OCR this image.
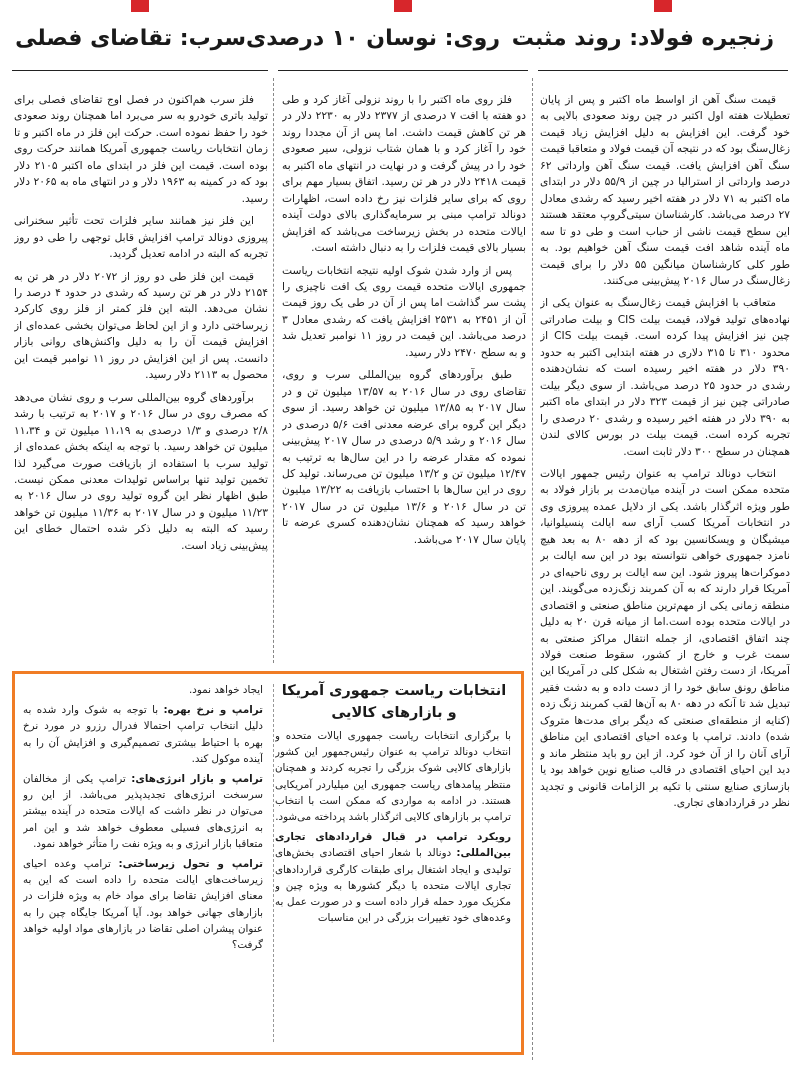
زنجیره فولاد: روند مثبت
روی: نوسان ۱۰ درصدی
سرب: تقاضای فصلی

قیمت سنگ آهن از اواسط ماه اکتبر و پس از پایان تعطیلات هفته اول اکتبر در چین روند صعودی بالایی به خود گرفت. این افزایش به دلیل افزایش زیاد قیمت زغال‌سنگ بود که در نتیجه آن قیمت فولاد و متعاقبا قیمت سنگ آهن افزایش یافت. قیمت سنگ آهن وارداتی ۶۲ درصد وارداتی از استرالیا در چین از ۵۵/۹ دلار در ابتدای ماه اکتبر به ۷۱ دلار در هفته اخیر رسید که رشدی معادل ۲۷ درصد می‌باشد. کارشناسان سیتی‌گروپ معتقد هستند این سطح قیمت ناشی از حباب است و طی دو تا سه ماه آینده شاهد افت قیمت سنگ آهن خواهیم بود. به طور کلی کارشناسان میانگین ۵۵ دلار را برای قیمت زغال‌سنگ در سال ۲۰۱۶ پیش‌بینی می‌کنند.

متعاقب با افزایش قیمت زغال‌سنگ به عنوان یکی از نهاده‌های تولید فولاد، قیمت بیلت CIS و بیلت صادراتی چین نیز افزایش پیدا کرده است. قیمت بیلت CIS از محدود ۳۱۰ تا ۳۱۵ دلاری در هفته ابتدایی اکتبر به حدود ۳۹۰ دلار در هفته اخیر رسیده است که نشان‌دهنده رشدی در حدود ۲۵ درصد می‌باشد. از سوی دیگر بیلت صادراتی چین نیز از قیمت ۳۲۳ دلار در ابتدای ماه اکتبر به ۳۹۰ دلار در هفته اخیر رسیده و رشدی ۲۰ درصدی را تجربه کرده است. قیمت بیلت در بورس کالای لندن همچنان در سطح ۳۰۰ دلار ثابت است.

انتخاب دونالد ترامپ به عنوان رئیس جمهور ایالات متحده ممکن است در آینده میان‌مدت بر بازار فولاد به طور ویژه اثرگذار باشد. یکی از دلایل عمده پیروزی وی در انتخابات آمریکا کسب آرای سه ایالت پنسیلوانیا، میشیگان و ویسکانسین بود که از دهه ۸۰ به بعد هیچ نامزد جمهوری خواهی نتوانسته بود در این سه ایالت بر دموکرات‌ها پیروز شود. این سه ایالت بر روی ناحیه‌ای در آمریکا قرار دارند که به آن کمربند زنگ‌زده می‌گویند. این منطقه زمانی یکی از مهم‌ترین مناطق صنعتی و اقتصادی در ایالات متحده بوده است.اما از میانه قرن ۲۰ به دلیل چند اتفاق اقتصادی، از جمله انتقال مراکز صنعتی به سمت غرب و خارج از کشور، سقوط صنعت فولاد آمریکا، از دست رفتن اشتغال به شکل کلی در آمریکا این مناطق رونق سابق خود را از دست داده و به دشت فقیر تبدیل شد تا آنکه در دهه ۸۰ به آن‌ها لقب کمربند زنگ زده (کنایه از منطقه‌ای صنعتی که دیگر برای مدت‌ها متروک شده) دادند. ترامپ با وعده احیای اقتصادی این مناطق آرای آنان را از آن خود کرد. از این رو باید منتظر ماند و دید این احیای اقتصادی در قالب صنایع نوین خواهد بود یا بازسازی صنایع سنتی با تکیه بر الزامات قانونی و تجدید نظر در قراردادهای تجاری.

فلز روی ماه اکتبر را با روند نزولی آغاز کرد و طی دو هفته با افت ۷ درصدی از ۲۳۷۷ دلار به ۲۲۳۰ دلار در هر تن کاهش قیمت داشت. اما پس از آن مجددا روند خود را آغاز کرد و با همان شتاب نزولی، سیر صعودی خود را در پیش گرفت و در نهایت در انتهای ماه اکتبر به قیمت ۲۴۱۸ دلار در هر تن رسید. اتفاق بسیار مهم برای روی که برای سایر فلزات نیز رخ داده است، اظهارات دونالد ترامپ مبنی بر سرمایه‌گذاری بالای دولت آینده ایالات متحده در بخش زیرساخت می‌باشد که افزایش بسیار بالای قیمت فلزات را به دنبال داشته است.

پس از وارد شدن شوک اولیه نتیجه انتخابات ریاست جمهوری ایالات متحده قیمت روی یک افت ناچیزی را پشت سر گذاشت اما پس از آن در طی یک روز قیمت آن از ۲۴۵۱ به ۲۵۳۱ افزایش یافت که رشدی معادل ۳ درصد می‌باشد. این قیمت در روز ۱۱ نوامبر تعدیل شد و به سطح ۲۴۷۰ دلار رسید.

طبق برآوردهای گروه بین‌المللی سرب و روی، تقاضای روی در سال ۲۰۱۶ به ۱۳/۵۷ میلیون تن و در سال ۲۰۱۷ به ۱۳/۸۵ میلیون تن خواهد رسید. از سوی دیگر این گروه برای عرضه معدنی افت ۵/۶ درصدی در سال ۲۰۱۶ و رشد ۵/۹ درصدی در سال ۲۰۱۷ پیش‌بینی نموده که مقدار عرضه را در این سال‌ها به ترتیب به ۱۲/۴۷ میلیون تن و ۱۳/۲ میلیون تن می‌رساند. تولید کل روی در این سال‌ها با احتساب بازیافت به ۱۳/۲۲ میلیون تن در سال ۲۰۱۶ و ۱۳/۶ میلیون تن در سال ۲۰۱۷ خواهد رسید که همچنان نشان‌دهنده کسری عرضه تا پایان سال ۲۰۱۷ می‌باشد.

فلز سرب هم‌اکنون در فصل اوج تقاضای فصلی برای تولید باتری خودرو به سر می‌برد اما همچنان روند صعودی خود را حفظ نموده است. حرکت این فلز در ماه اکتبر و تا زمان انتخابات ریاست جمهوری آمریکا همانند حرکت روی بوده است. قیمت این فلز در ابتدای ماه اکتبر ۲۱۰۵ دلار بود که در کمینه به ۱۹۶۳ دلار و در انتهای ماه به ۲۰۶۵ دلار رسید.

این فلز نیز همانند سایر فلزات تحت تأثیر سخنرانی پیروزی دونالد ترامپ افزایش قابل توجهی را طی دو روز تجربه که البته در ادامه تعدیل گردید.

قیمت این فلز طی دو روز از ۲۰۷۲ دلار در هر تن به ۲۱۵۴ دلار در هر تن رسید که رشدی در حدود ۴ درصد را نشان می‌دهد. البته این فلز کمتر از فلز روی کارکرد زیرساختی دارد و از این لحاظ می‌توان بخشی عمده‌ای از افزایش قیمت آن را به دلیل واکنش‌های روانی بازار دانست. پس از این افزایش در روز ۱۱ نوامبر قیمت این محصول به ۲۱۱۳ دلار رسید.

برآوردهای گروه بین‌المللی سرب و روی نشان می‌دهد که مصرف روی در سال ۲۰۱۶ و ۲۰۱۷ به ترتیب با رشد ۲/۸ درصدی و ۱/۳ درصدی به ۱۱،۱۹ میلیون تن و ۱۱،۳۴ میلیون تن خواهد رسید. با توجه به اینکه بخش عمده‌ای از تولید سرب با استفاده از بازیافت صورت می‌گیرد لذا تخمین تولید تنها براساس تولیدات معدنی ممکن نیست. طبق اظهار نظر این گروه تولید روی در سال ۲۰۱۶ به ۱۱/۲۳ میلیون و در سال ۲۰۱۷ به ۱۱/۳۶ میلیون تن خواهد رسید که البته به دلیل ذکر شده احتمال خطای این پیش‌بینی زیاد است.

انتخابات ریاست جمهوری آمریکا و بازارهای کالایی

با برگزاری انتخابات ریاست جمهوری ایالات متحده و انتخاب دونالد ترامپ به عنوان رئیس‌جمهور این کشور بازارهای کالایی شوک بزرگی را تجربه کردند و همچنان منتظر پیامدهای ریاست جمهوری این میلیاردر آمریکایی هستند. در ادامه به مواردی که ممکن است با انتخاب ترامپ بر بازارهای کالایی اثرگذار باشد پرداخته می‌شود.

رویکرد ترامپ در قبال قراردادهای تجاری بین‌المللی: دونالد با شعار احیای اقتصادی بخش‌های تولیدی و ایجاد اشتغال برای طبقات کارگری قراردادهای تجاری ایالات متحده با دیگر کشورها به ویژه چین و مکزیک مورد حمله قرار داده است و در صورت عمل به وعده‌های خود تغییرات بزرگی در این مناسبات

ایجاد خواهد نمود.

ترامپ و نرخ بهره: با توجه به شوک وارد شده به دلیل انتخاب ترامپ احتمالا فدرال رزرو در مورد نرخ بهره با احتیاط بیشتری تصمیم‌گیری و افزایش آن را به آینده موکول کند.

ترامپ و بازار انرژی‌های: ترامپ یکی از مخالفان سرسخت انرژی‌های تجدیدپذیر می‌باشد. از این رو می‌توان در نظر داشت که ایالات متحده در آینده بیشتر به انرژی‌های فسیلی معطوف خواهد شد و این امر متعاقبا بازار انرژی و به ویژه نفت را متأثر خواهد نمود.

ترامپ و تحول زیرساختی: ترامپ وعده احیای زیرساخت‌های ایالت متحده را داده است که این به معنای افزایش تقاضا برای مواد خام به ویژه فلزات در بازارهای جهانی خواهد بود. آیا آمریکا جایگاه چین را به عنوان پیشران اصلی تقاضا در بازارهای مواد اولیه خواهد گرفت؟
